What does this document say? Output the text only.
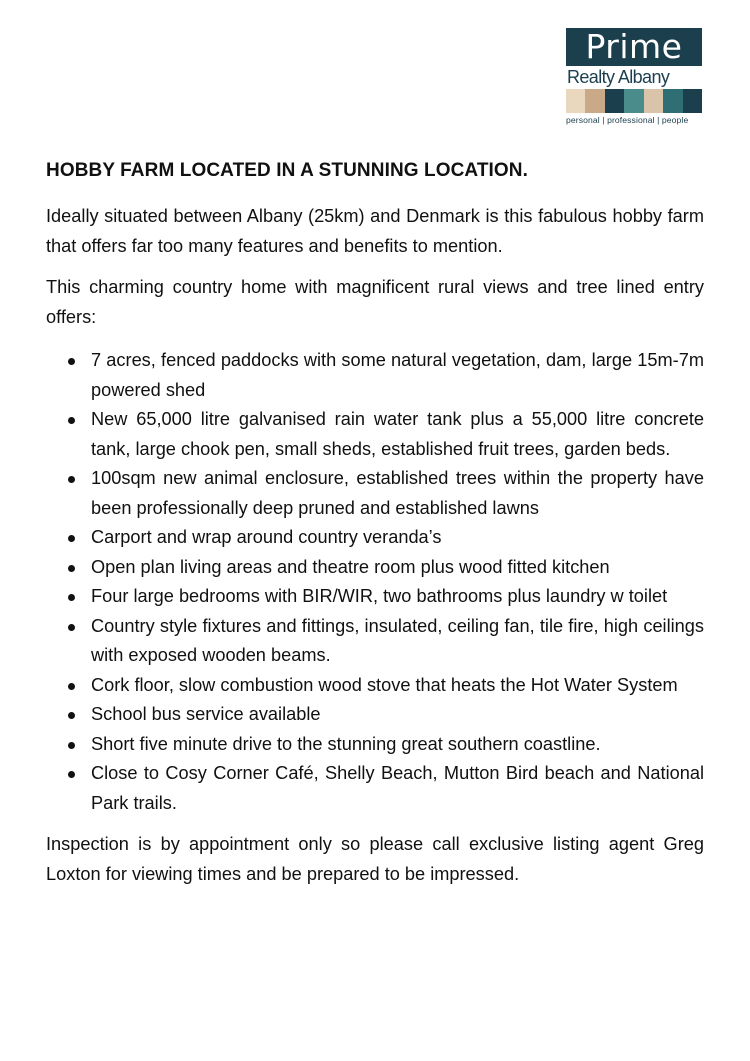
Prime
Realty Albany
personal | professional | people
HOBBY FARM LOCATED IN A STUNNING LOCATION.

Ideally situated between Albany (25km) and Denmark is this fabulous hobby farm that offers far too many features and benefits to mention.

This charming country home with magnificent rural views and tree lined entry offers:

7 acres, fenced paddocks with some natural vegetation, dam, large 15m-7m powered shed
New 65,000 litre galvanised rain water tank plus a 55,000 litre concrete tank, large chook pen, small sheds, established fruit trees, garden beds.
100sqm new animal enclosure, established trees within the property have been professionally deep pruned and established lawns
Carport and wrap around country veranda’s
Open plan living areas and theatre room plus wood fitted kitchen
Four large bedrooms with BIR/WIR, two bathrooms plus laundry w toilet
Country style fixtures and fittings, insulated, ceiling fan, tile fire, high ceilings with exposed wooden beams.
Cork floor, slow combustion wood stove that heats the Hot Water System
School bus service available
Short five minute drive to the stunning great southern coastline.
Close to Cosy Corner Café, Shelly Beach, Mutton Bird beach and National Park trails.

Inspection is by appointment only so please call exclusive listing agent Greg Loxton for viewing times and be prepared to be impressed.
